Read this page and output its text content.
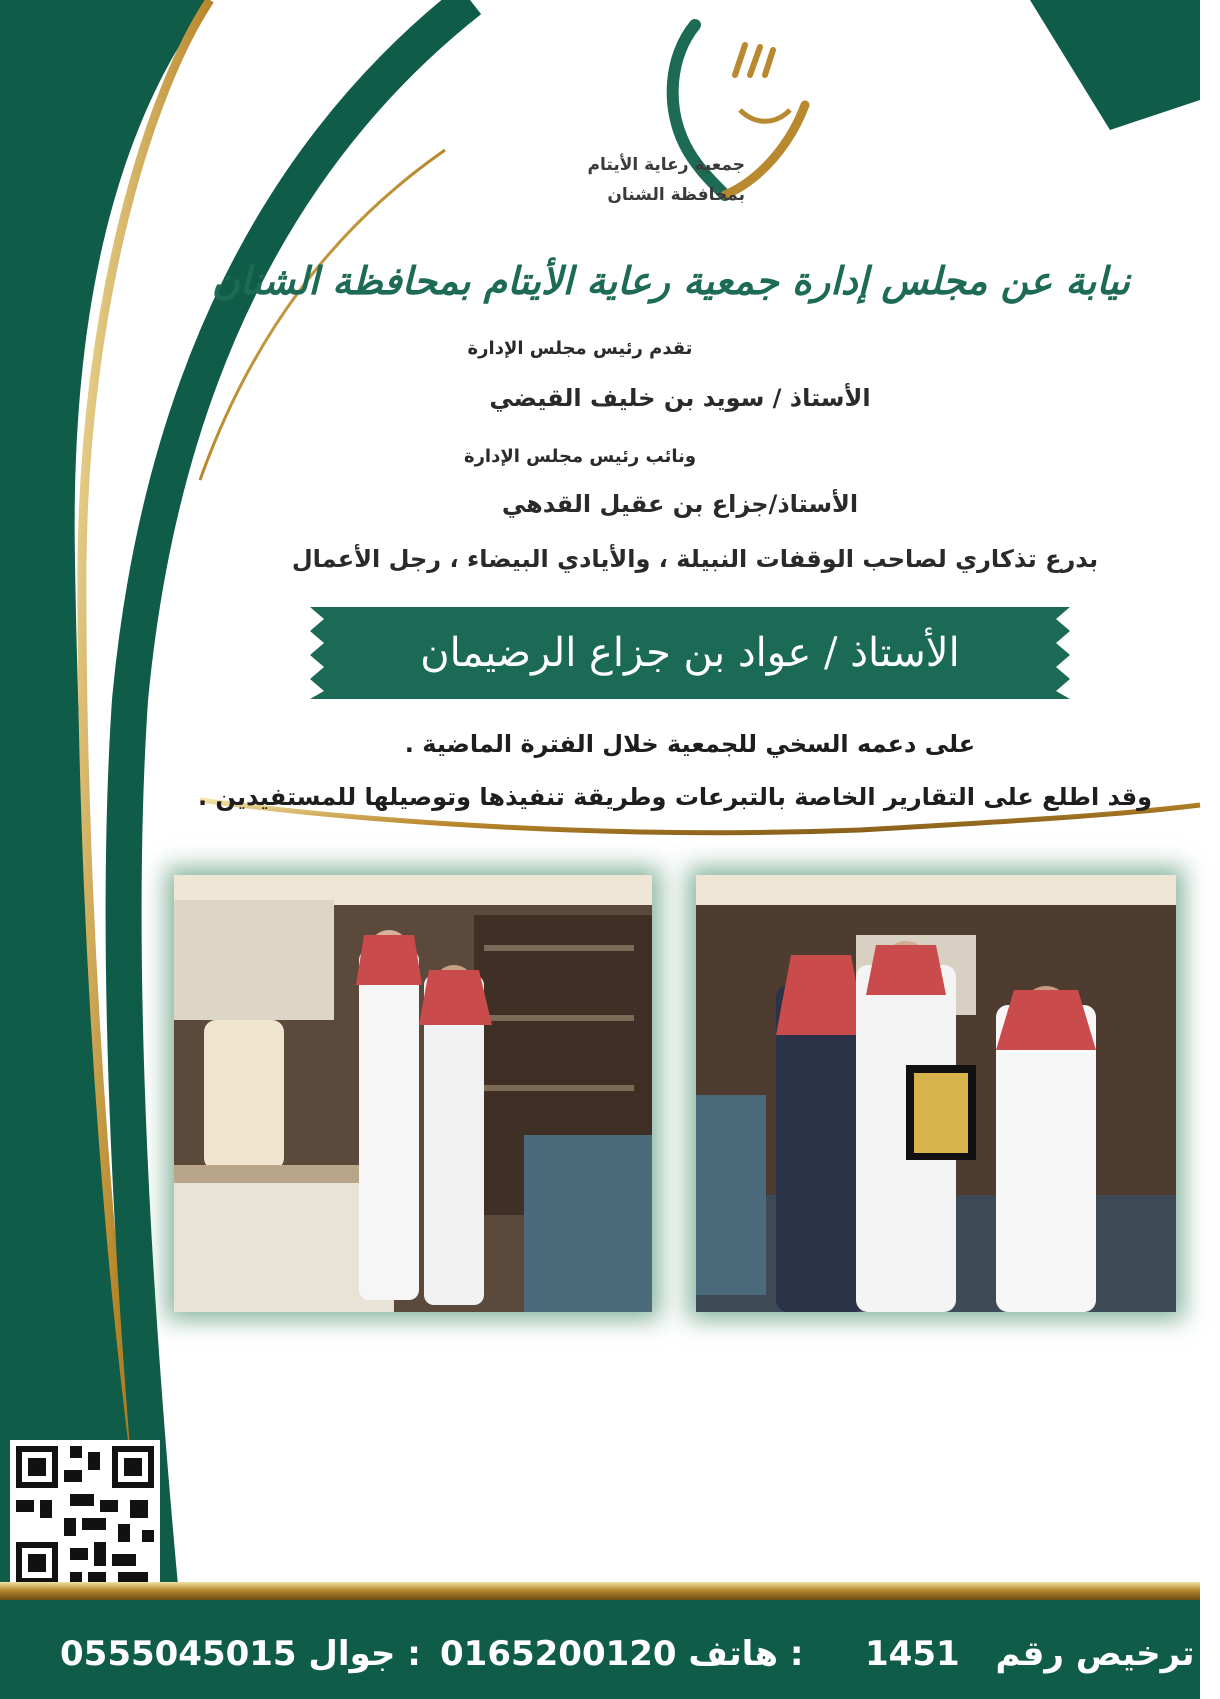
جمعية رعاية الأيتام
بمحافظة الشنان
نيابة عن مجلس إدارة جمعية رعاية الأيتام بمحافظة الشنان
تقدم رئيس مجلس الإدارة
الأستاذ / سويد بن خليف القيضي
ونائب رئيس مجلس الإدارة
الأستاذ/جزاع بن عقيل القدهي
بدرع تذكاري لصاحب الوقفات النبيلة ، والأيادي البيضاء ، رجل الأعمال
الأستاذ / عواد بن جزاع الرضيمان
على دعمه السخي للجمعية خلال الفترة الماضية .
وقد اطلع على التقارير الخاصة بالتبرعات وطريقة تنفيذها وتوصيلها للمستفيدين .
0555045015 جوال : 0165200120 هاتف : 1451 ترخيص رقم :
